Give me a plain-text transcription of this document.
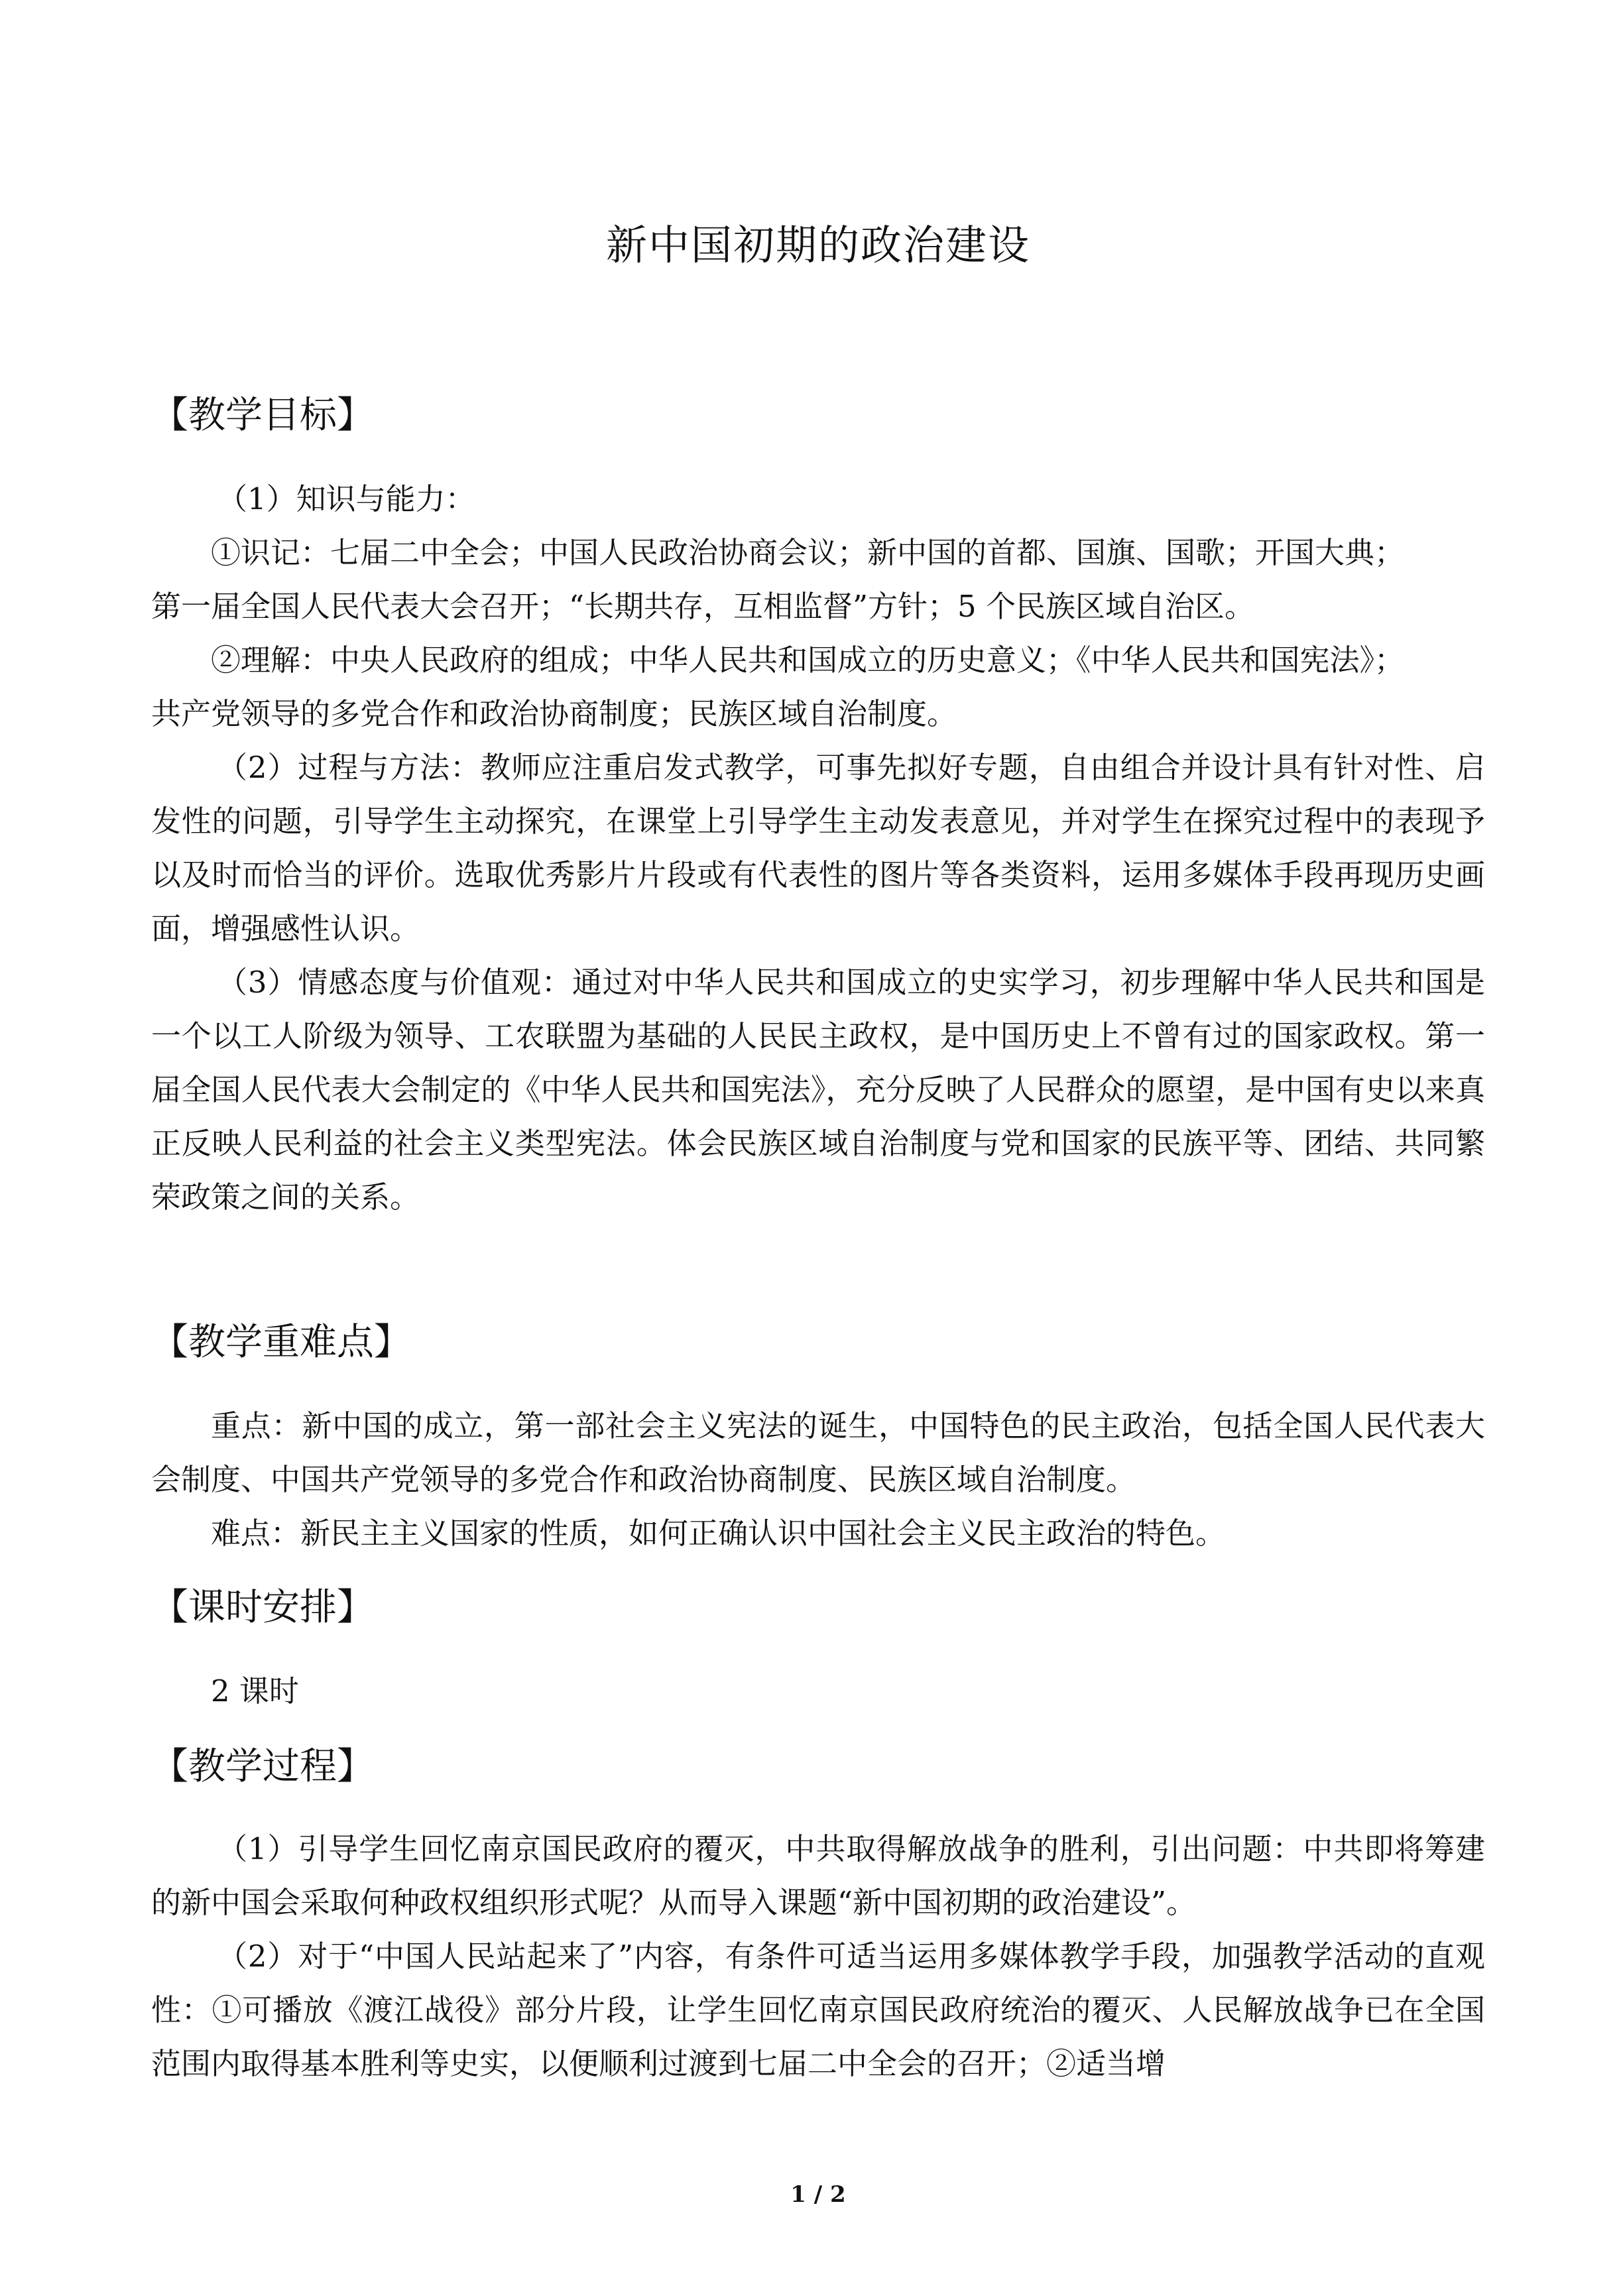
新中国初期的政治建设
【教学目标】

（1）知识与能力：

①识记：七届二中全会；中国人民政治协商会议；新中国的首都、国旗、国歌；开国大典；

第一届全国人民代表大会召开；“长期共存，互相监督”方针；5 个民族区域自治区。

②理解：中央人民政府的组成；中华人民共和国成立的历史意义；《中华人民共和国宪法》；

共产党领导的多党合作和政治协商制度；民族区域自治制度。

（2）过程与方法：教师应注重启发式教学，可事先拟好专题，自由组合并设计具有针对性、启发性的问题，引导学生主动探究，在课堂上引导学生主动发表意见，并对学生在探究过程中的表现予以及时而恰当的评价。选取优秀影片片段或有代表性的图片等各类资料，运用多媒体手段再现历史画面，增强感性认识。

（3）情感态度与价值观：通过对中华人民共和国成立的史实学习，初步理解中华人民共和国是一个以工人阶级为领导、工农联盟为基础的人民民主政权，是中国历史上不曾有过的国家政权。第一届全国人民代表大会制定的《中华人民共和国宪法》，充分反映了人民群众的愿望，是中国有史以来真正反映人民利益的社会主义类型宪法。体会民族区域自治制度与党和国家的民族平等、团结、共同繁荣政策之间的关系。

【教学重难点】

重点：新中国的成立，第一部社会主义宪法的诞生，中国特色的民主政治，包括全国人民代表大会制度、中国共产党领导的多党合作和政治协商制度、民族区域自治制度。

难点：新民主主义国家的性质，如何正确认识中国社会主义民主政治的特色。

【课时安排】

2 课时

【教学过程】

（1）引导学生回忆南京国民政府的覆灭，中共取得解放战争的胜利，引出问题：中共即将筹建的新中国会采取何种政权组织形式呢？从而导入课题“新中国初期的政治建设”。

（2）对于“中国人民站起来了”内容，有条件可适当运用多媒体教学手段，加强教学活动的直观性：①可播放《渡江战役》部分片段，让学生回忆南京国民政府统治的覆灭、人民解放战争已在全国范围内取得基本胜利等史实，以便顺利过渡到七届二中全会的召开；②适当增

1 / 2
